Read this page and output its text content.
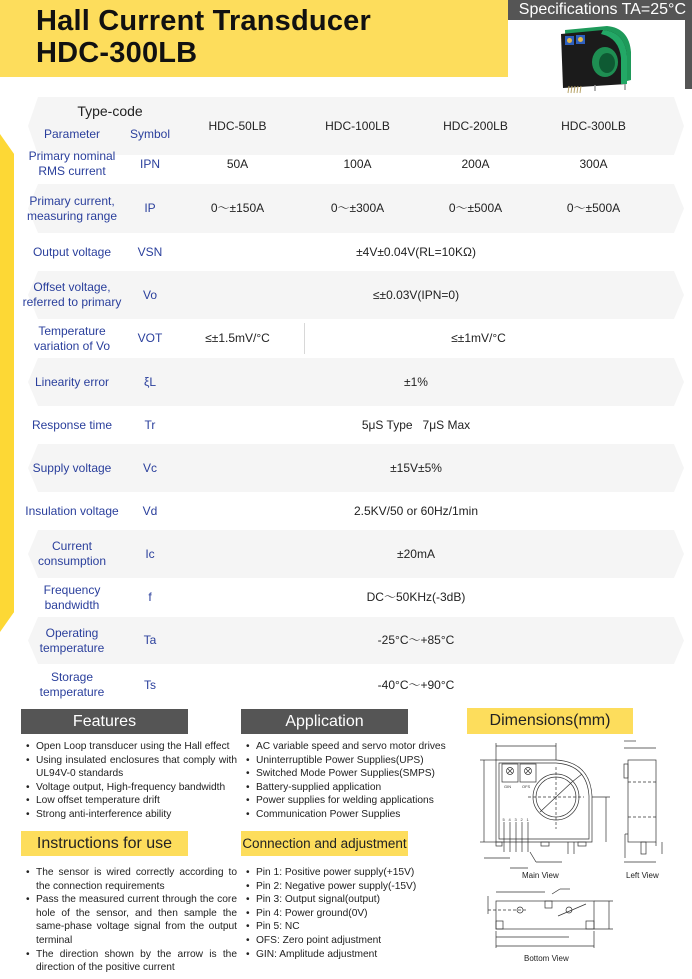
Hall Current Transducer
HDC-300LB
Specifications TA=25°C
Type-code
Parameter	Symbol
HDC-50LB	HDC-100LB	HDC-200LB	HDC-300LB
Primary nominal
RMS current
IPN	50A	100A	200A	300A
Primary current,
measuring range
IP	0～±150A	0～±300A	0～±500A	0～±500A
Output voltage	VSN	±4V±0.04V(RL=10KΩ)
Offset voltage,
referred to primary
Vo	≤±0.03V(IPN=0)
Temperature
variation of Vo
VOT	≤±1.5mV/°C	≤±1mV/°C
Linearity error	ξL	±1%
Response time	Tr	5μS Type   7μS Max
Supply voltage	Vc	±15V±5%
Insulation voltage	Vd	2.5KV/50 or 60Hz/1min
Current
consumption
Ic	±20mA
Frequency
bandwidth
f	DC～50KHz(-3dB)
Operating
temperature
Ta	-25°C～+85°C
Storage
temperature
Ts	-40°C～+90°C
Features
• Open Loop transducer using the Hall effect
• Using insulated enclosures that comply with UL94V-0 standards
• Voltage output, High-frequency bandwidth
• Low offset temperature drift
• Strong anti-interference ability
Application
• AC variable speed and servo motor drives
• Uninterruptible Power Supplies(UPS)
• Switched Mode Power Supplies(SMPS)
• Battery-supplied application
• Power supplies for welding applications
• Communication Power Supplies
Instructions for use
• The sensor is wired correctly according to the connection requirements
• Pass the measured current through the core hole of the sensor, and then sample the same-phase voltage signal from the output terminal
• The direction shown by the arrow is the direction of the positive current
Connection and adjustment
• Pin 1: Positive power supply(+15V)
• Pin 2: Negative power supply(-15V)
• Pin 3: Output signal(output)
• Pin 4: Power ground(0V)
• Pin 5: NC
• OFS: Zero point adjustment
• GIN: Amplitude adjustment
Dimensions(mm)
5 4 3 2 1
GIN	OFS
Main View	Left View
Bottom View
